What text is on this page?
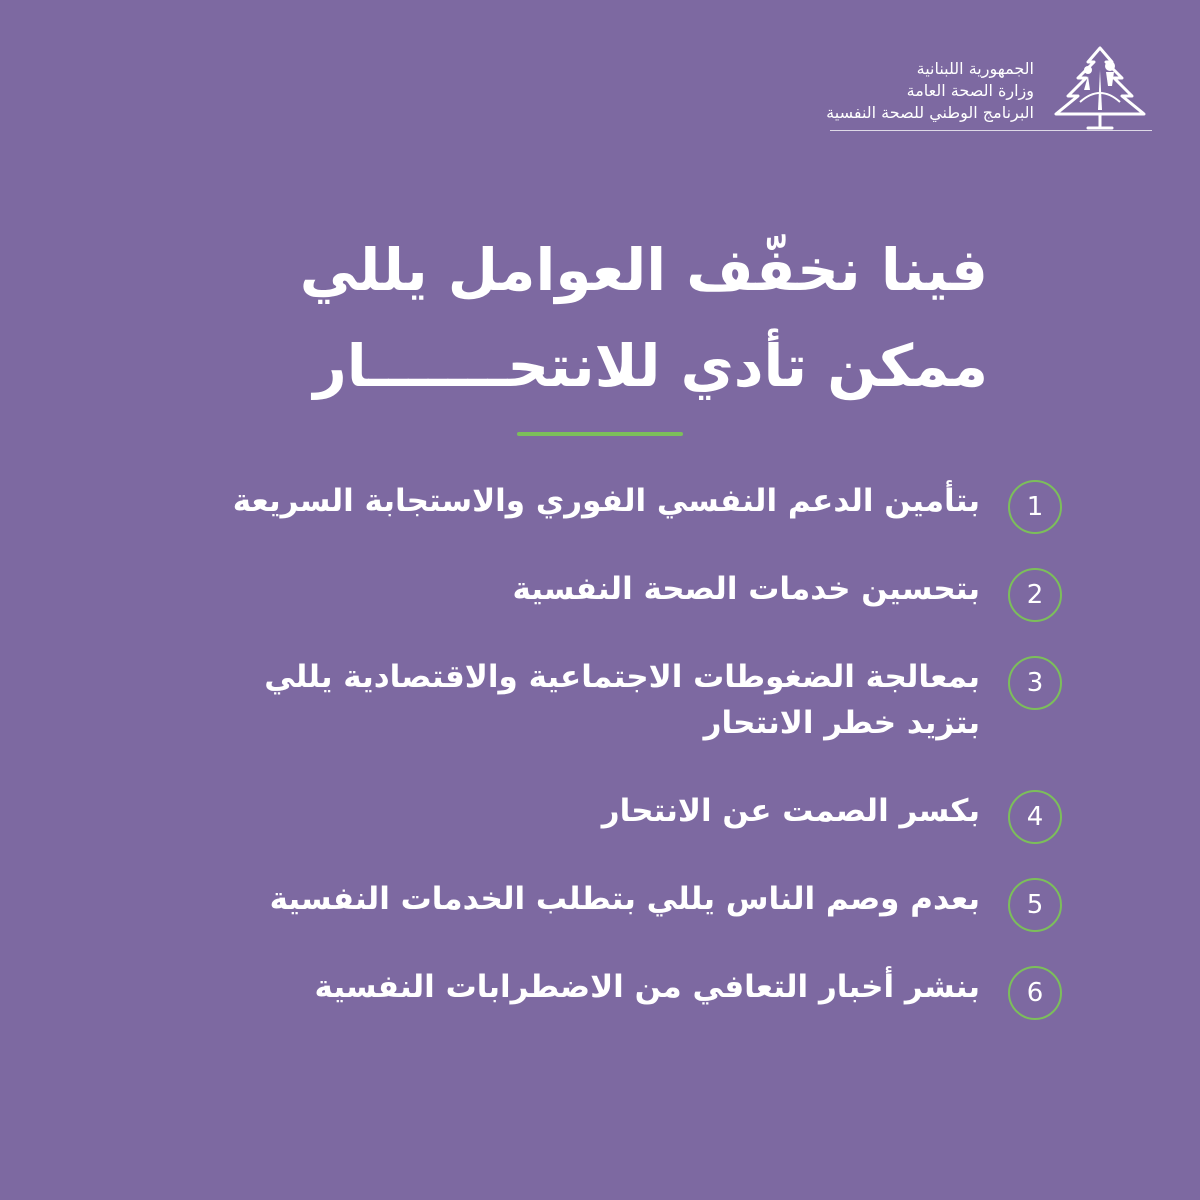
الجمهورية اللبنانية
وزارة الصحة العامة
البرنامج الوطني للصحة النفسية
فينا نخفّف العوامل يللي
ممكن تأدي للانتحـــــــار
1
بتأمين الدعم النفسي الفوري والاستجابة السريعة
2
بتحسين خدمات الصحة النفسية
3
بمعالجة الضغوطات الاجتماعية والاقتصادية يللي
بتزيد خطر الانتحار
4
بكسر الصمت عن الانتحار
5
بعدم وصم الناس يللي بتطلب الخدمات النفسية
6
بنشر أخبار التعافي من الاضطرابات النفسية
